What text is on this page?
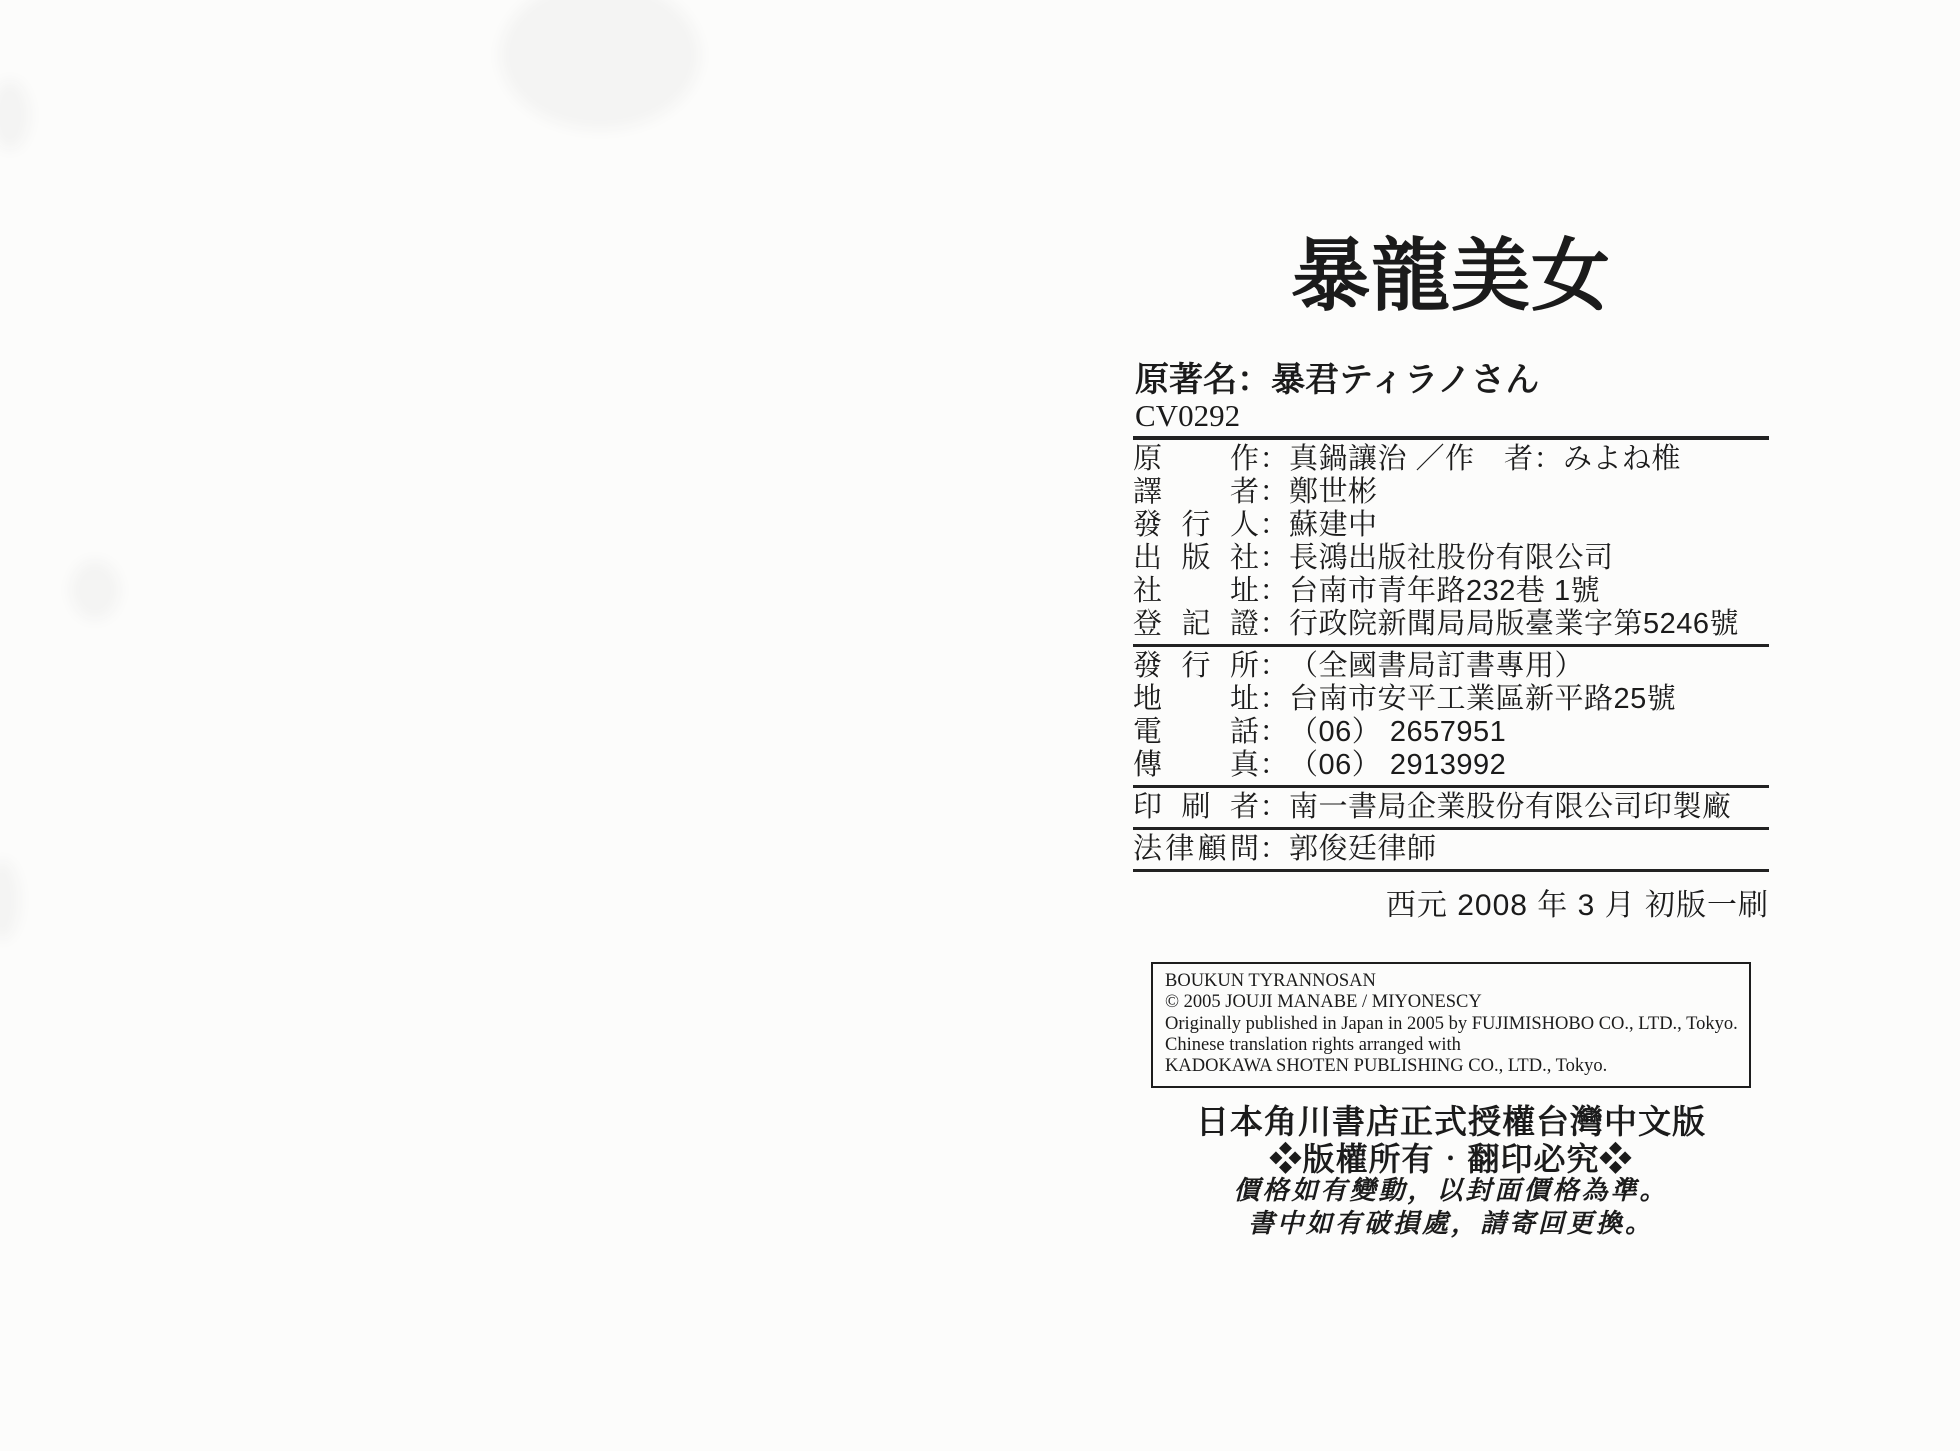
暴龍美女
原著名：暴君ティラノさん
CV0292
原作：真鍋讓治 ／作　者：みよね椎
譯者：鄭世彬
發行人：蘇建中
出版社：長鴻出版社股份有限公司
社址：台南市青年路232巷 1號
登記證：行政院新聞局局版臺業字第5246號
發行所：（全國書局訂書專用）
地址：台南市安平工業區新平路25號
電話：（06） 2657951
傳真：（06） 2913992
印刷者：南一書局企業股份有限公司印製廠
法律顧問：郭俊廷律師
西元 2008 年 3 月 初版一刷
BOUKUN TYRANNOSAN
© 2005 JOUJI MANABE / MIYONESCY
Originally published in Japan in 2005 by FUJIMISHOBO CO., LTD., Tokyo.
Chinese translation rights arranged with
KADOKAWA SHOTEN PUBLISHING CO., LTD., Tokyo.
日本角川書店正式授權台灣中文版
❖版權所有‧翻印必究❖
價格如有變動，以封面價格為準。
書中如有破損處，請寄回更換。
